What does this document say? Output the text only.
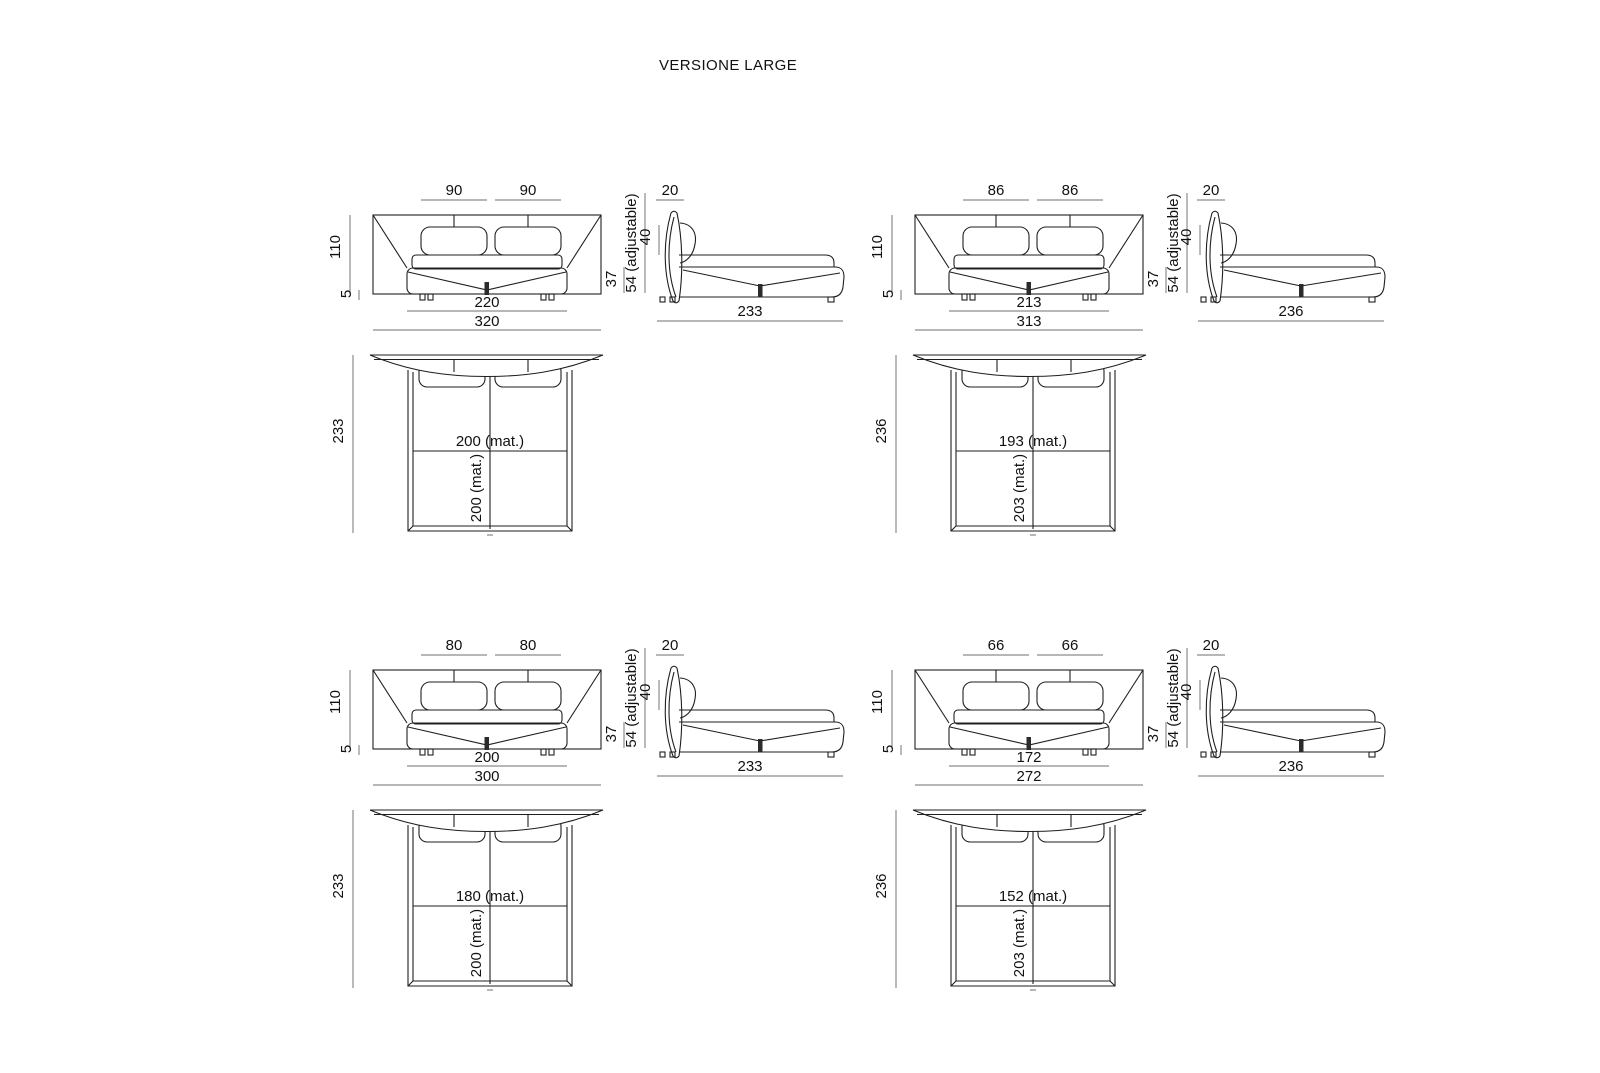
VERSIONE LARGE
90	90
110
5	220
320
37 54 (adjustable)
20
40
233
233	200 (mat.)
200 (mat.)
86	86
110
5	213
313
37 54 (adjustable)
20
40
236
236	193 (mat.)
203 (mat.)
80	80
110
5	200
300
37 54 (adjustable)
20
40
233
233	180 (mat.)
200 (mat.)
66	66
110
5	172
272
37 54 (adjustable)
20
40
236
236	152 (mat.)
203 (mat.)
